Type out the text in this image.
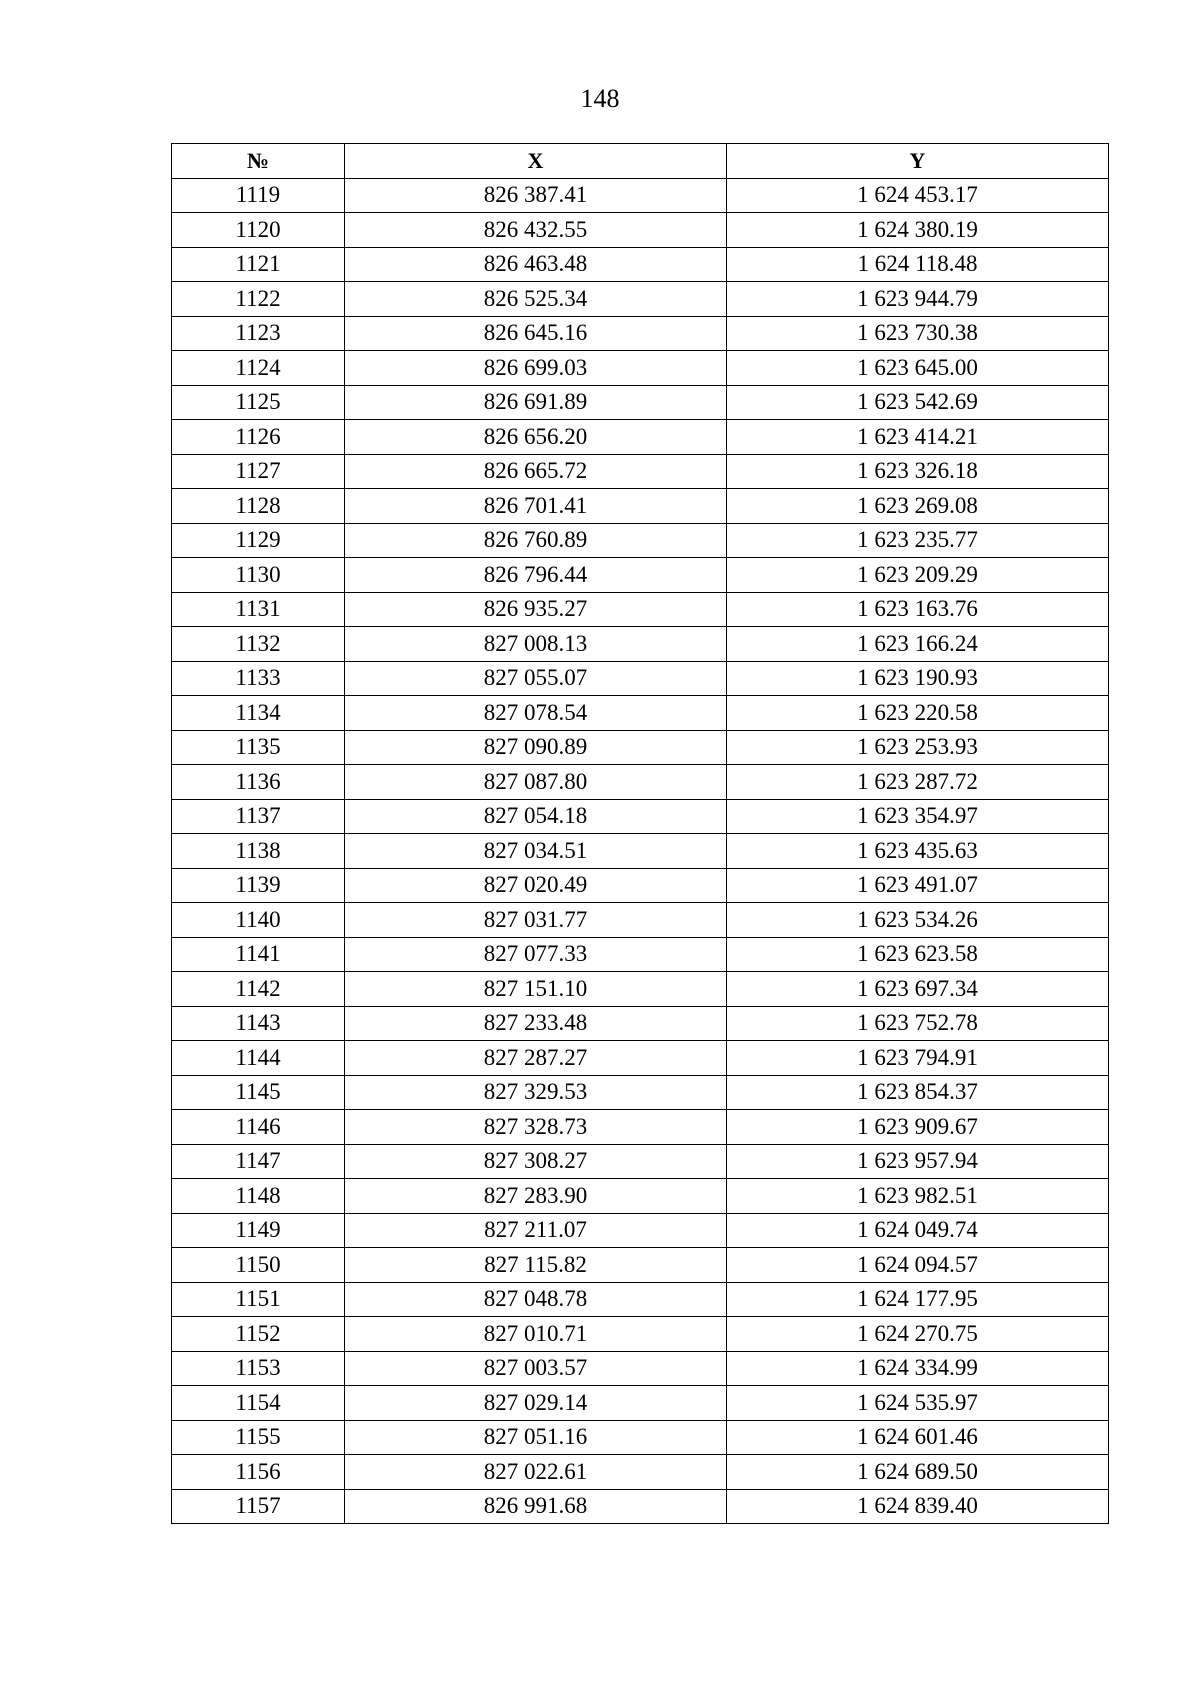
148
№	X	Y
1119	826 387.41	1 624 453.17
1120	826 432.55	1 624 380.19
1121	826 463.48	1 624 118.48
1122	826 525.34	1 623 944.79
1123	826 645.16	1 623 730.38
1124	826 699.03	1 623 645.00
1125	826 691.89	1 623 542.69
1126	826 656.20	1 623 414.21
1127	826 665.72	1 623 326.18
1128	826 701.41	1 623 269.08
1129	826 760.89	1 623 235.77
1130	826 796.44	1 623 209.29
1131	826 935.27	1 623 163.76
1132	827 008.13	1 623 166.24
1133	827 055.07	1 623 190.93
1134	827 078.54	1 623 220.58
1135	827 090.89	1 623 253.93
1136	827 087.80	1 623 287.72
1137	827 054.18	1 623 354.97
1138	827 034.51	1 623 435.63
1139	827 020.49	1 623 491.07
1140	827 031.77	1 623 534.26
1141	827 077.33	1 623 623.58
1142	827 151.10	1 623 697.34
1143	827 233.48	1 623 752.78
1144	827 287.27	1 623 794.91
1145	827 329.53	1 623 854.37
1146	827 328.73	1 623 909.67
1147	827 308.27	1 623 957.94
1148	827 283.90	1 623 982.51
1149	827 211.07	1 624 049.74
1150	827 115.82	1 624 094.57
1151	827 048.78	1 624 177.95
1152	827 010.71	1 624 270.75
1153	827 003.57	1 624 334.99
1154	827 029.14	1 624 535.97
1155	827 051.16	1 624 601.46
1156	827 022.61	1 624 689.50
1157	826 991.68	1 624 839.40
